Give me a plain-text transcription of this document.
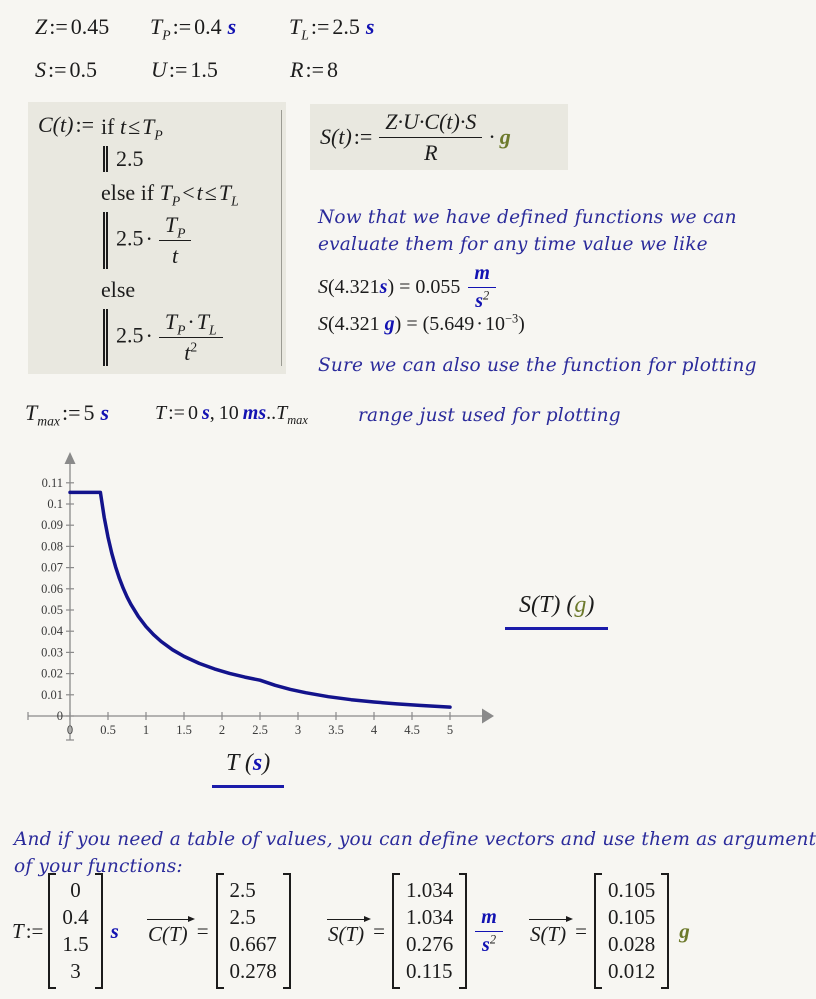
Z:= 0.45 $T_P:= 0.4$ s $T_L:= 2.5$ s
S:= 0.5 U:= 1.5	R:= 8
C(t):= if $t\le T_P$
2.5
else if $T_P<t\le T_L$
$2.5\cdot \frac{T_P}{t}$
else
$2.5\cdot \frac{T_P\cdot T_L}{t^2}$
S(t) := $\frac{Z\cdot U\cdot C(t)\cdot S}{R} \cdot g$
Now that we have defined functions we can
evaluate them for any time value we like
S (4.321 s ) = $0.055 \frac{m}{s^2}$
S(4.321 $g) = (5.649 \cdot 10^{-3})$
Sure we can also use the function for plotting
$T_{max}:= 5$ s T := 0 s, 10 $ms..T_{max}$	range just used for plotting
0 0.5 1 1.5 2 2.5 3 3.5 4 4.5 5
0
0.01
0.02
0.03
0.04
0.05
0.06
0.07
0.08
0.09
0.1
0.11
S(T) (g)
T (s)
And if you need a table of values, you can define vectors and use them as argument
of your functions:
T :=
0
0.4
1.5
3
s C(T) =
2.5
2.5
0.667
0.278
S(T) =
1.034
1.034
0.276
0.115
$\frac{m}{s^2} S(T)$ =
0.105
0.105
0.028
0.012
g
